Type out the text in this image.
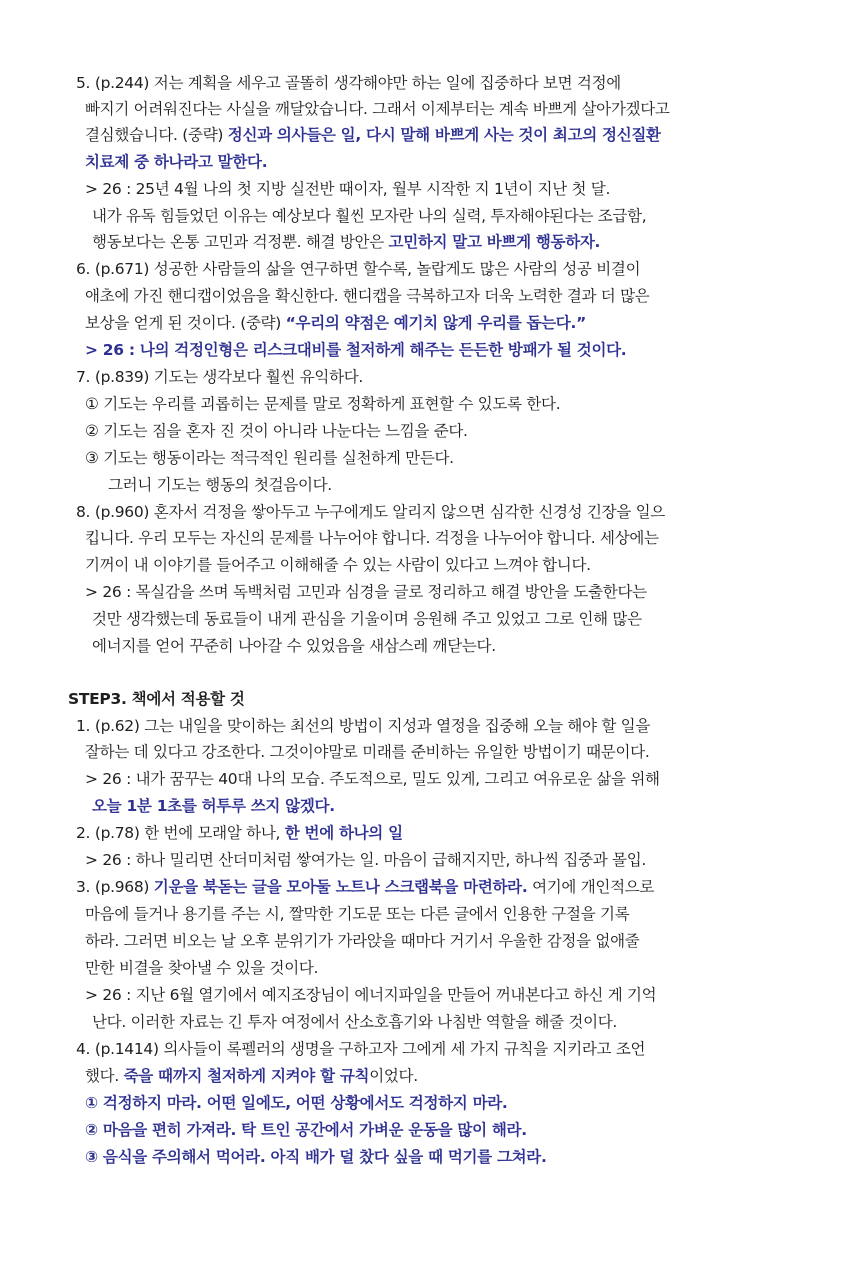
5. (p.244) 저는 계획을 세우고 골똘히 생각해야만 하는 일에 집중하다 보면 걱정에
빠지기 어려워진다는 사실을 깨달았습니다. 그래서 이제부터는 계속 바쁘게 살아가겠다고
결심했습니다. (중략) 정신과 의사들은 일, 다시 말해 바쁘게 사는 것이 최고의 정신질환
치료제 중 하나라고 말한다.
> 26 : 25년 4월 나의 첫 지방 실전반 때이자, 월부 시작한 지 1년이 지난 첫 달.
내가 유독 힘들었던 이유는 예상보다 훨씬 모자란 나의 실력, 투자해야된다는 조급함,
행동보다는 온통 고민과 걱정뿐. 해결 방안은 고민하지 말고 바쁘게 행동하자.
6. (p.671) 성공한 사람들의 삶을 연구하면 할수록, 놀랍게도 많은 사람의 성공 비결이
애초에 가진 핸디캡이었음을 확신한다. 핸디캡을 극복하고자 더욱 노력한 결과 더 많은
보상을 얻게 된 것이다. (중략) “우리의 약점은 예기치 않게 우리를 돕는다.”
> 26 : 나의 걱정인형은 리스크대비를 철저하게 해주는 든든한 방패가 될 것이다.
7. (p.839) 기도는 생각보다 훨씬 유익하다.
① 기도는 우리를 괴롭히는 문제를 말로 정확하게 표현할 수 있도록 한다.
② 기도는 짐을 혼자 진 것이 아니라 나눈다는 느낌을 준다.
③ 기도는 행동이라는 적극적인 원리를 실천하게 만든다.
그러니 기도는 행동의 첫걸음이다.
8. (p.960) 혼자서 걱정을 쌓아두고 누구에게도 알리지 않으면 심각한 신경성 긴장을 일으
킵니다. 우리 모두는 자신의 문제를 나누어야 합니다. 걱정을 나누어야 합니다. 세상에는
기꺼이 내 이야기를 들어주고 이해해줄 수 있는 사람이 있다고 느껴야 합니다.
> 26 : 목실감을 쓰며 독백처럼 고민과 심경을 글로 정리하고 해결 방안을 도출한다는
것만 생각했는데 동료들이 내게 관심을 기울이며 응원해 주고 있었고 그로 인해 많은
에너지를 얻어 꾸준히 나아갈 수 있었음을 새삼스레 깨닫는다.
STEP3. 책에서 적용할 것
1. (p.62) 그는 내일을 맞이하는 최선의 방법이 지성과 열정을 집중해 오늘 해야 할 일을
잘하는 데 있다고 강조한다. 그것이야말로 미래를 준비하는 유일한 방법이기 때문이다.
> 26 : 내가 꿈꾸는 40대 나의 모습. 주도적으로, 밀도 있게, 그리고 여유로운 삶을 위해
오늘 1분 1초를 허투루 쓰지 않겠다.
2. (p.78) 한 번에 모래알 하나, 한 번에 하나의 일
> 26 : 하나 밀리면 산더미처럼 쌓여가는 일. 마음이 급해지지만, 하나씩 집중과 몰입.
3. (p.968) 기운을 북돋는 글을 모아둘 노트나 스크랩북을 마련하라. 여기에 개인적으로
마음에 들거나 용기를 주는 시, 짤막한 기도문 또는 다른 글에서 인용한 구절을 기록
하라. 그러면 비오는 날 오후 분위기가 가라앉을 때마다 거기서 우울한 감정을 없애줄
만한 비결을 찾아낼 수 있을 것이다.
> 26 : 지난 6월 열기에서 예지조장님이 에너지파일을 만들어 꺼내본다고 하신 게 기억
난다. 이러한 자료는 긴 투자 여정에서 산소호흡기와 나침반 역할을 해줄 것이다.
4. (p.1414) 의사들이 록펠러의 생명을 구하고자 그에게 세 가지 규칙을 지키라고 조언
했다. 죽을 때까지 철저하게 지켜야 할 규칙이었다.
① 걱정하지 마라. 어떤 일에도, 어떤 상황에서도 걱정하지 마라.
② 마음을 편히 가져라. 탁 트인 공간에서 가벼운 운동을 많이 해라.
③ 음식을 주의해서 먹어라. 아직 배가 덜 찼다 싶을 때 먹기를 그쳐라.
